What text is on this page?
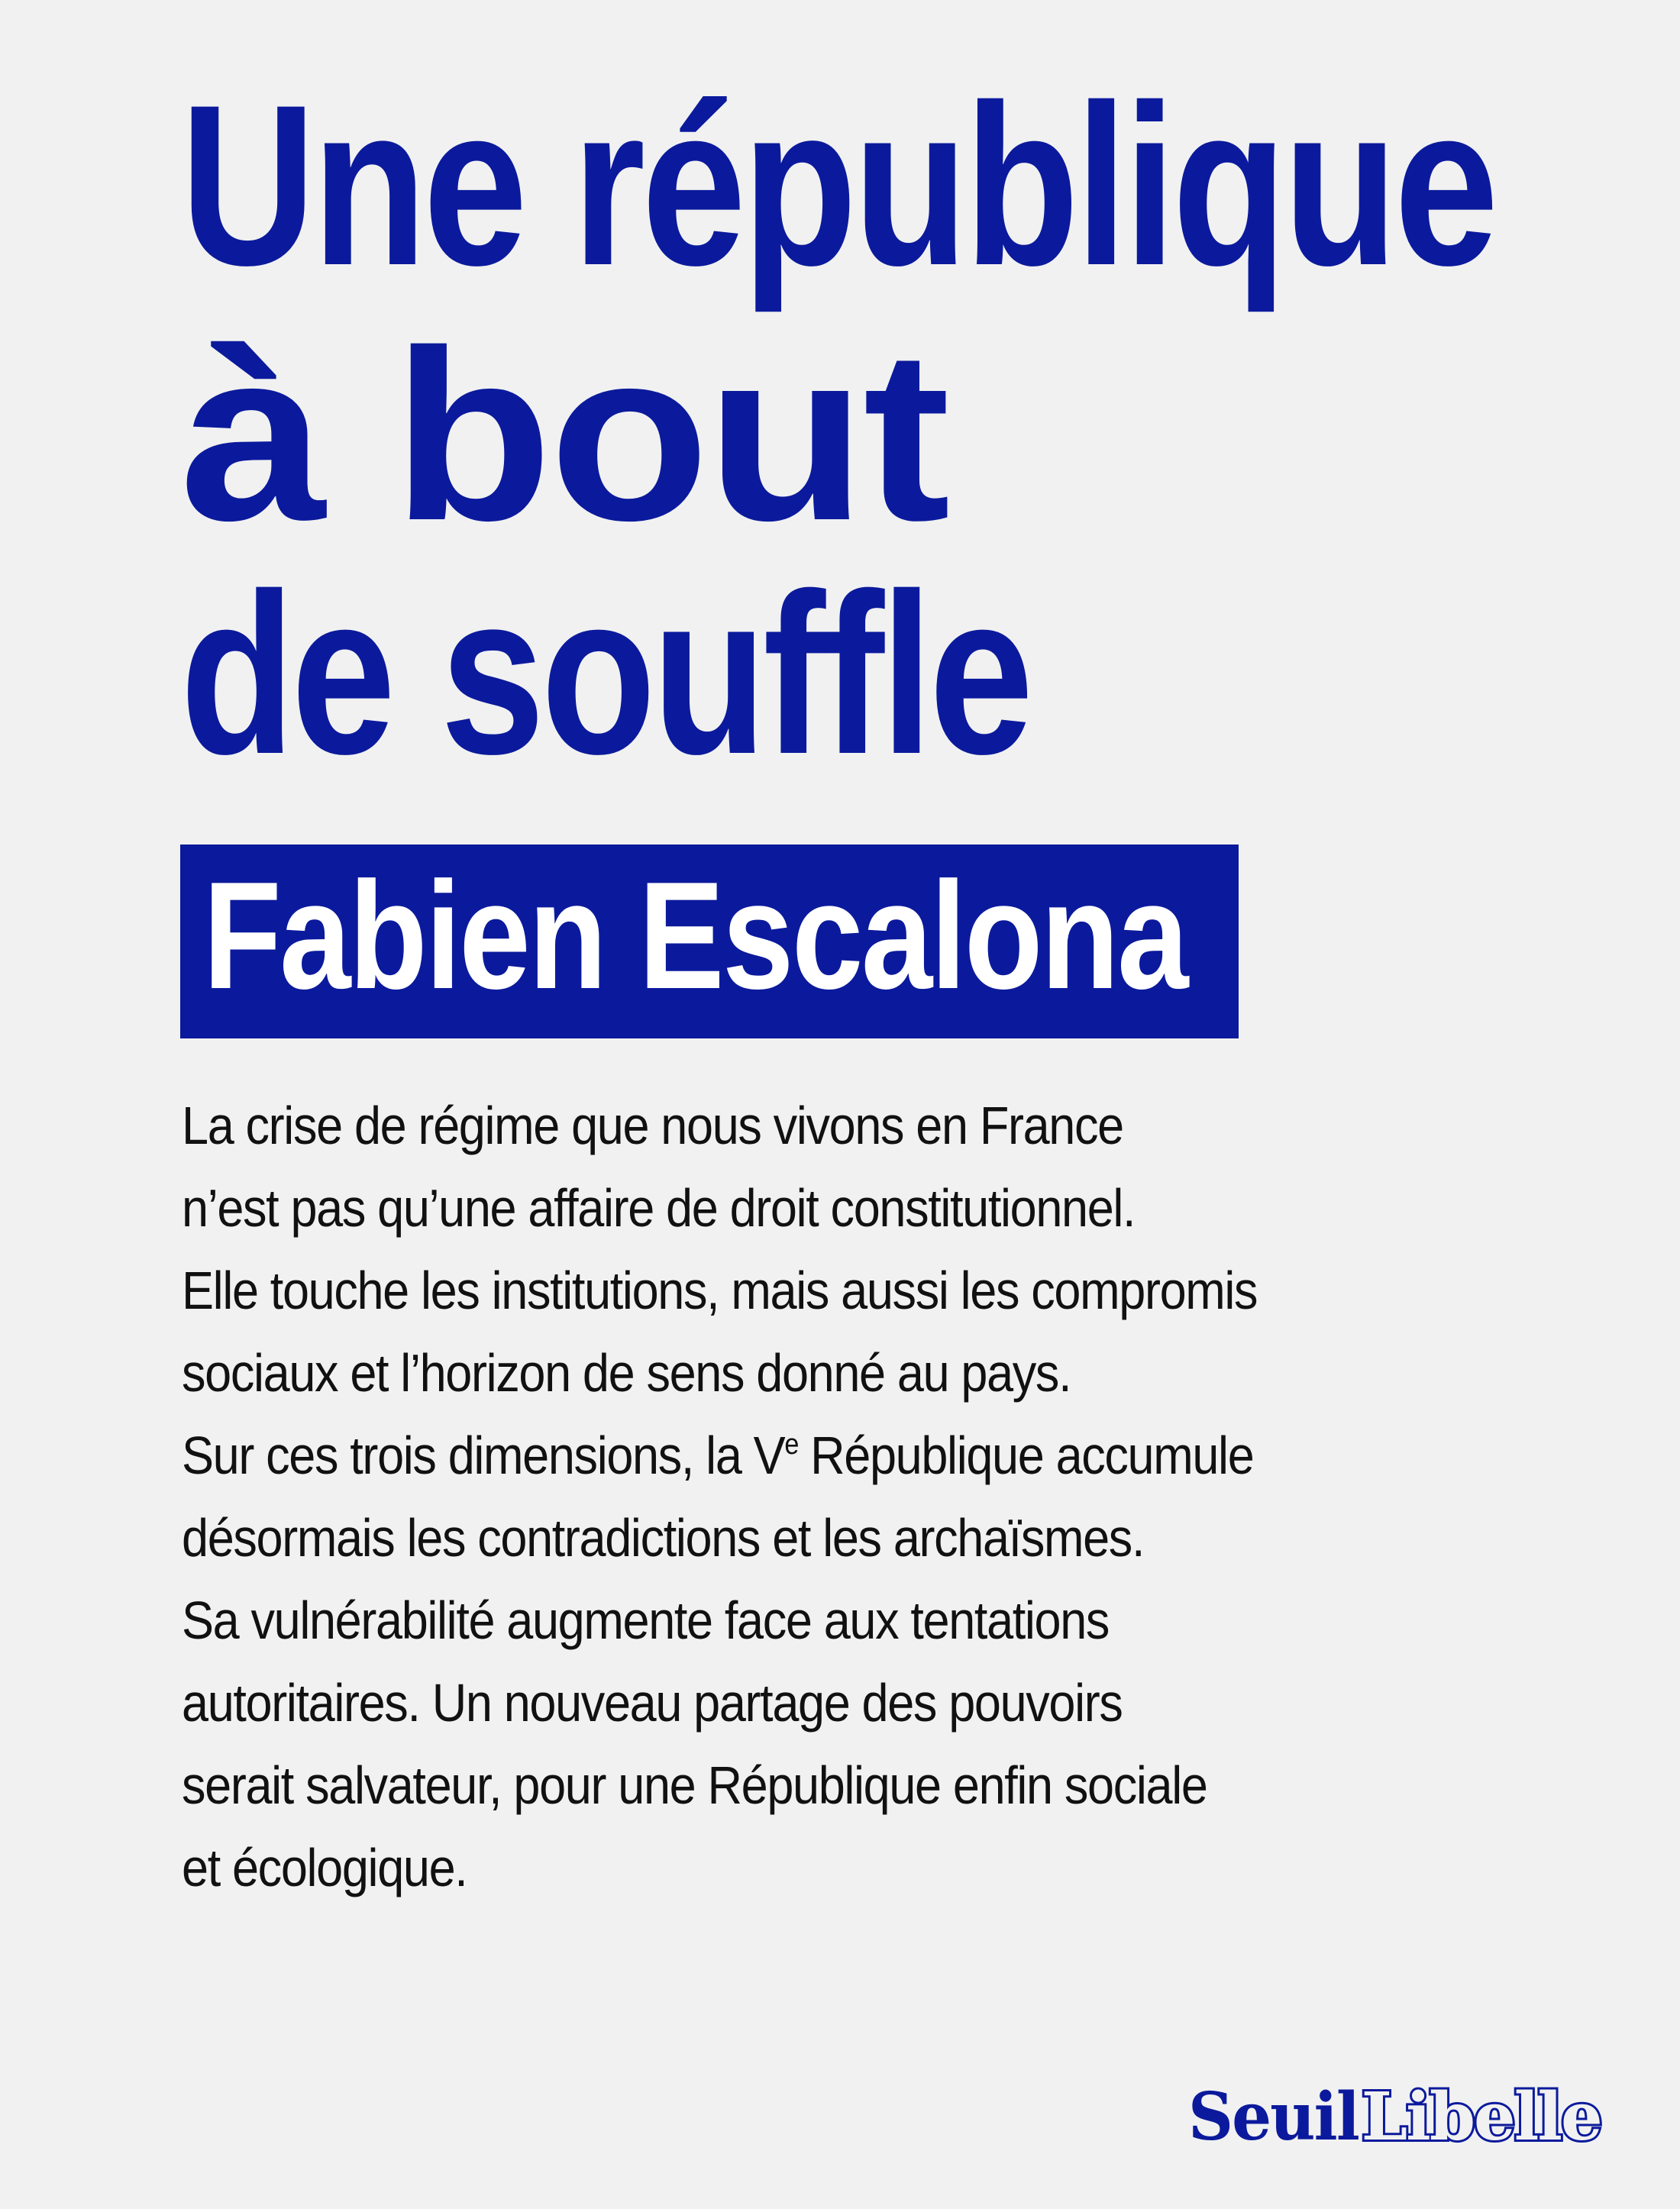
Une république
à bout
de souffle
Fabien Escalona

La crise de régime que nous vivons en France
n’est pas qu’une affaire de droit constitutionnel.
Elle touche les institutions, mais aussi les compromis
sociaux et l’horizon de sens donné au pays.
Sur ces trois dimensions, la Ve République accumule
désormais les contradictions et les archaïsmes.
Sa vulnérabilité augmente face aux tentations
autoritaires. Un nouveau partage des pouvoirs
serait salvateur, pour une République enfin sociale
et écologique.

SeuilLibelle
